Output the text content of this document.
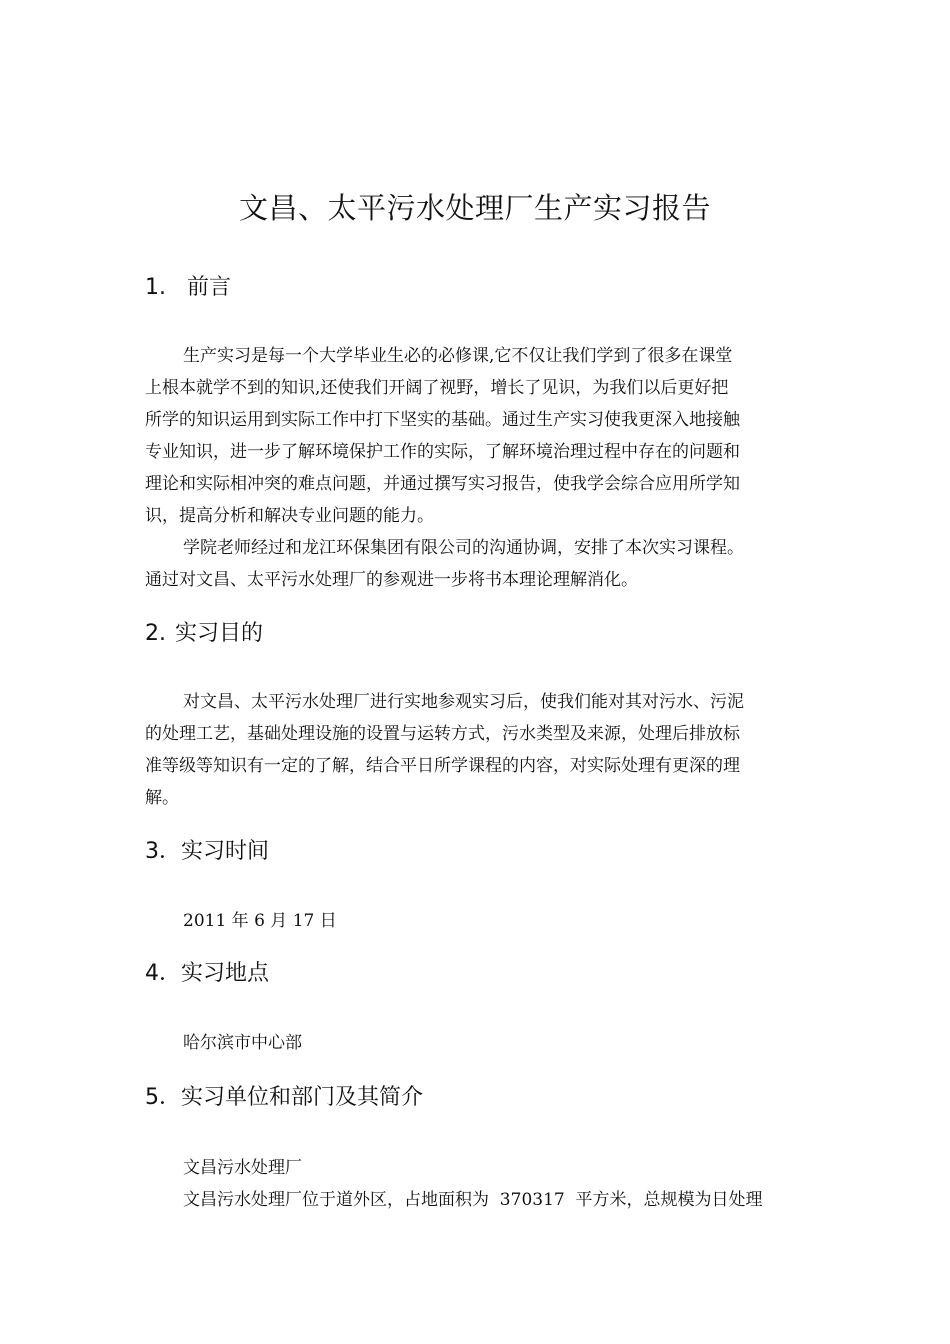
文昌、太平污水处理厂生产实习报告
1. 前言
生产实习是每一个大学毕业生必的必修课,它不仅让我们学到了很多在课堂
上根本就学不到的知识,还使我们开阔了视野，增长了见识，为我们以后更好把
所学的知识运用到实际工作中打下坚实的基础。通过生产实习使我更深入地接触
专业知识，进一步了解环境保护工作的实际，了解环境治理过程中存在的问题和
理论和实际相冲突的难点问题，并通过撰写实习报告，使我学会综合应用所学知
识，提高分析和解决专业问题的能力。
学院老师经过和龙江环保集团有限公司的沟通协调，安排了本次实习课程。
通过对文昌、太平污水处理厂的参观进一步将书本理论理解消化。
2. 实习目的
对文昌、太平污水处理厂进行实地参观实习后，使我们能对其对污水、污泥
的处理工艺，基础处理设施的设置与运转方式，污水类型及来源，处理后排放标
准等级等知识有一定的了解，结合平日所学课程的内容，对实际处理有更深的理
解。
3．实习时间
2011 年 6 月 17 日
4．实习地点
哈尔滨市中心部
5．实习单位和部门及其简介
文昌污水处理厂
文昌污水处理厂位于道外区，占地面积为  370317  平方米，总规模为日处理
